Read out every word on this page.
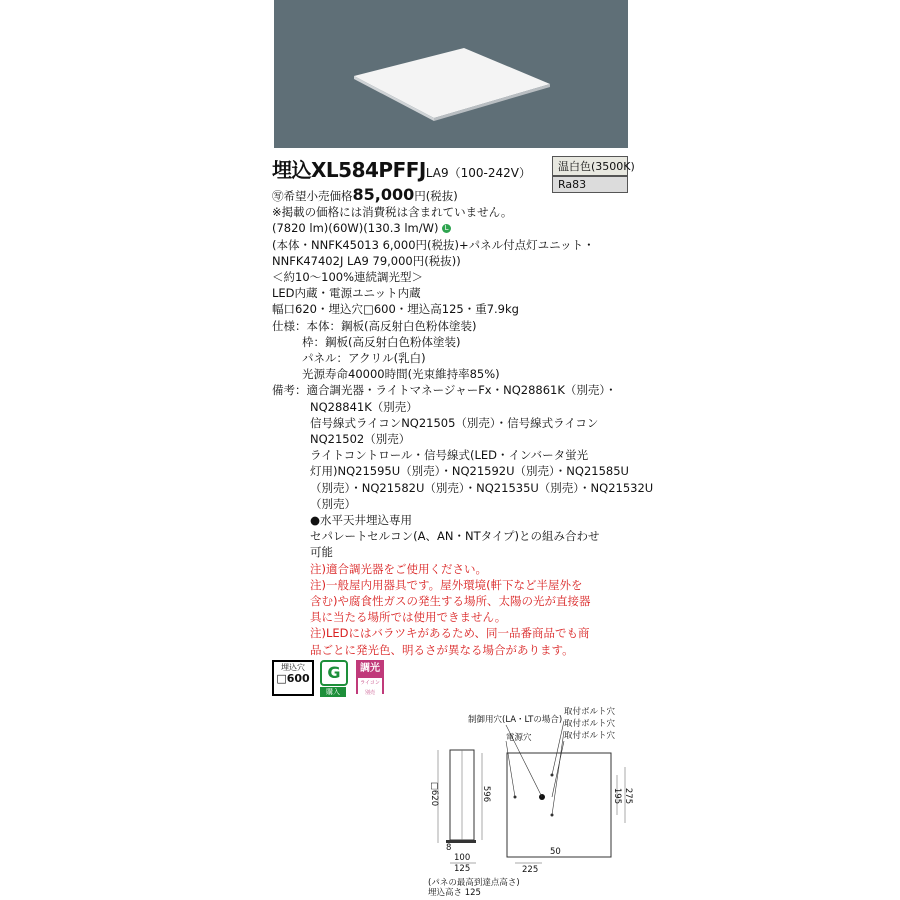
埋込XL584PFFJLA9（100-242V）	温白色(3500K)
Ra83
㊢希望小売価格85,000円(税抜)
※掲載の価格には消費税は含まれていません。
(7820 lm)(60W)(130.3 lm/W) L
(本体・NNFK45013 6,000円(税抜)+パネル付点灯ユニット・
NNFK47402J LA9 79,000円(税抜))
＜約10～100%連続調光型＞
LED内蔵・電源ユニット内蔵
幅口620・埋込穴□600・埋込高125・重7.9kg
仕様：本体：鋼板(高反射白色粉体塗装)
枠：鋼板(高反射白色粉体塗装)
パネル：アクリル(乳白)
光源寿命40000時間(光束維持率85%)
備考：適合調光器・ライトマネージャーFx・NQ28861K（別売）・
NQ28841K（別売）
信号線式ライコンNQ21505（別売）・信号線式ライコン
NQ21502（別売）
ライトコントロール・信号線式(LED・インバータ蛍光
灯用)NQ21595U（別売）・NQ21592U（別売）・NQ21585U
（別売）・NQ21582U（別売）・NQ21535U（別売）・NQ21532U
（別売）
●水平天井埋込専用
セパレートセルコン(A、AN・NTタイプ)との組み合わせ
可能
注)適合調光器をご使用ください。
注)一般屋内用器具です。屋外環境(軒下など半屋外を
含む)や腐食性ガスの発生する場所、太陽の光が直接器
具に当たる場所では使用できません。
注)LEDにはバラツキがあるため、同一品番商品でも商
品ごとに発光色、明るさが異なる場合があります。
埋込穴
□600	G
購入
調光
ライコン別売
制御用穴(LA・LTの場合)
取付ボルト穴
取付ボルト穴
取付ボルト穴
電源穴
□620	596	195 275
8
100
125	225
50
(パネの最高到達点高さ)
埋込高さ 125
